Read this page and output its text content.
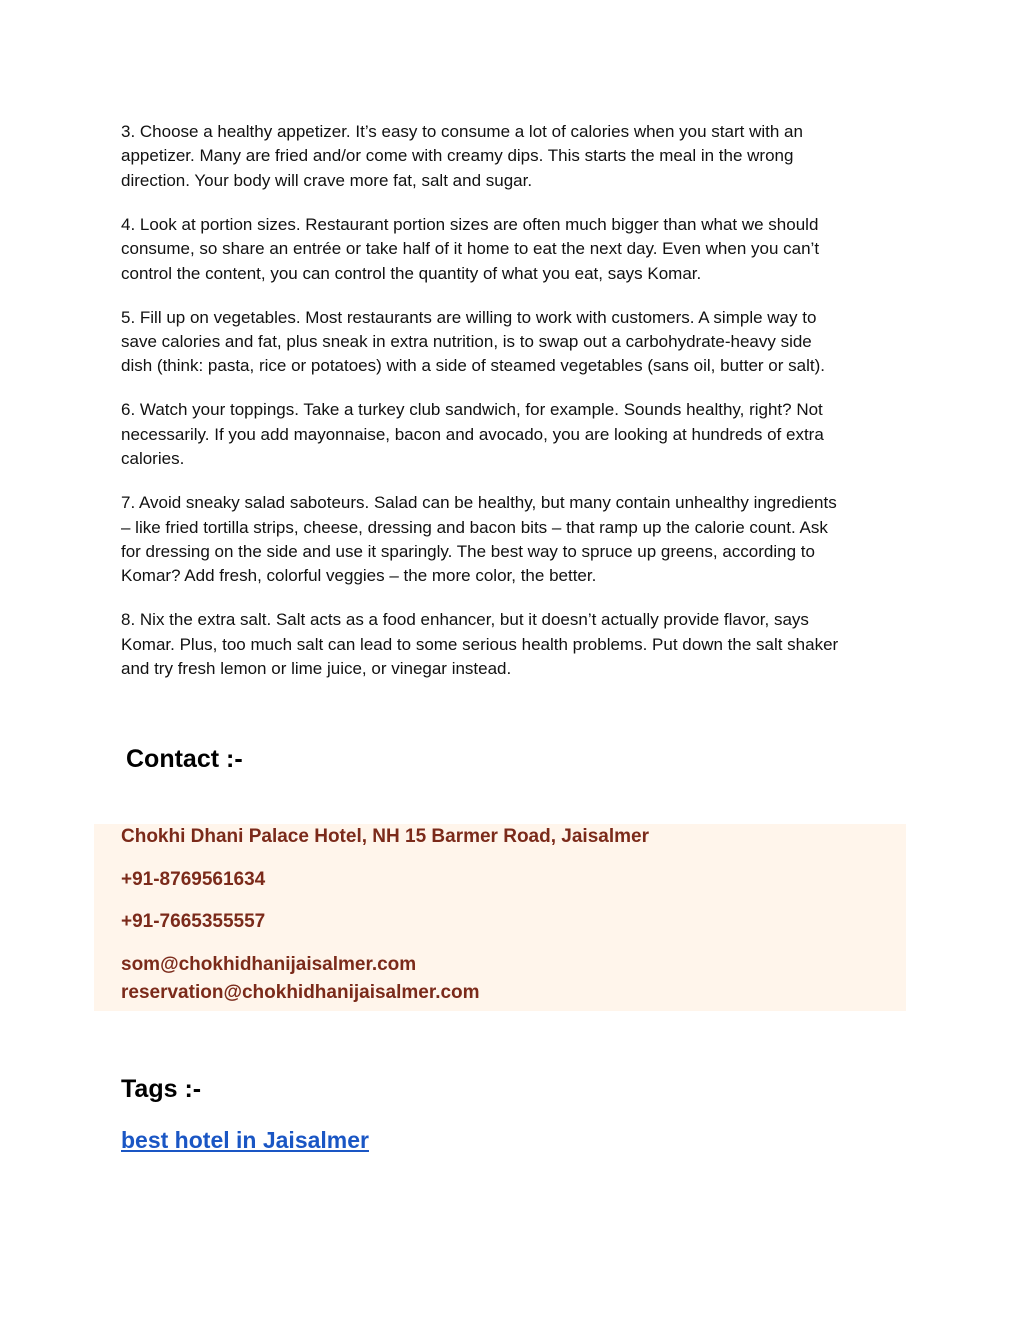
3. Choose a healthy appetizer. It’s easy to consume a lot of calories when you start with an
appetizer. Many are fried and/or come with creamy dips. This starts the meal in the wrong
direction. Your body will crave more fat, salt and sugar.

4. Look at portion sizes. Restaurant portion sizes are often much bigger than what we should
consume, so share an entrée or take half of it home to eat the next day. Even when you can’t
control the content, you can control the quantity of what you eat, says Komar.

5. Fill up on vegetables. Most restaurants are willing to work with customers. A simple way to
save calories and fat, plus sneak in extra nutrition, is to swap out a carbohydrate-heavy side
dish (think: pasta, rice or potatoes) with a side of steamed vegetables (sans oil, butter or salt).

6. Watch your toppings. Take a turkey club sandwich, for example. Sounds healthy, right? Not
necessarily. If you add mayonnaise, bacon and avocado, you are looking at hundreds of extra
calories.

7. Avoid sneaky salad saboteurs. Salad can be healthy, but many contain unhealthy ingredients
– like fried tortilla strips, cheese, dressing and bacon bits – that ramp up the calorie count. Ask
for dressing on the side and use it sparingly. The best way to spruce up greens, according to
Komar? Add fresh, colorful veggies – the more color, the better.

8. Nix the extra salt. Salt acts as a food enhancer, but it doesn’t actually provide flavor, says
Komar. Plus, too much salt can lead to some serious health problems. Put down the salt shaker
and try fresh lemon or lime juice, or vinegar instead.

Contact :-

Chokhi Dhani Palace Hotel, NH 15 Barmer Road, Jaisalmer

+91-8769561634

+91-7665355557

som@chokhidhanijaisalmer.com

reservation@chokhidhanijaisalmer.com

Tags :-
best hotel in Jaisalmer
